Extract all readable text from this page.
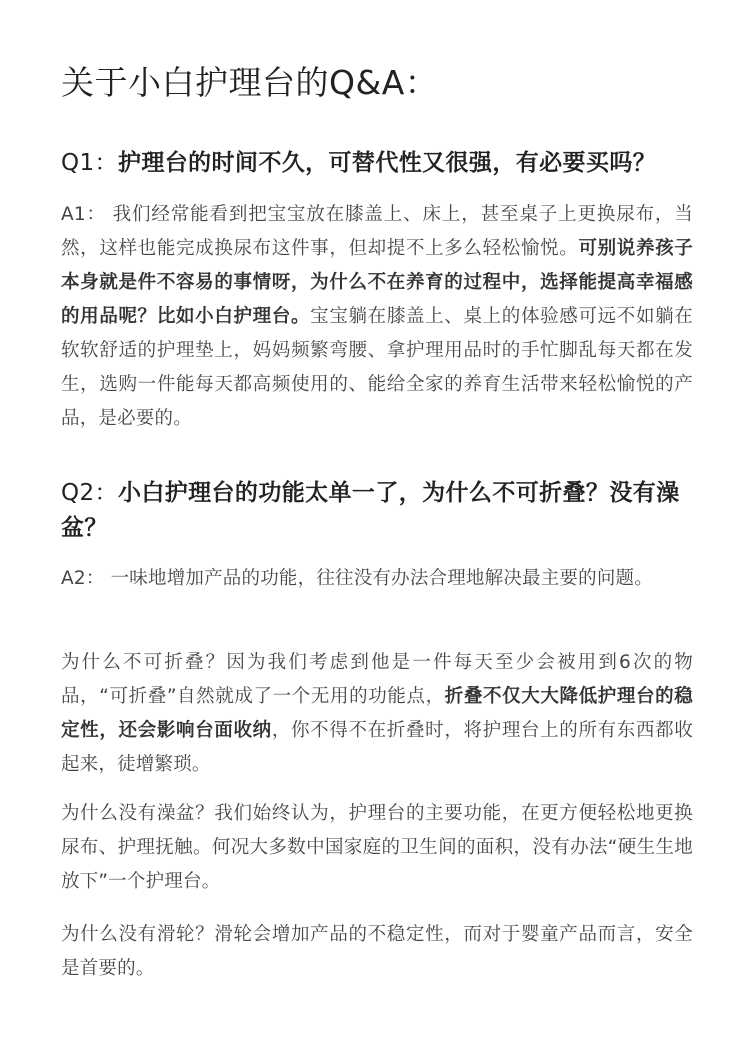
关于小白护理台的Q&A：
Q1：护理台的时间不久，可替代性又很强，有必要买吗？

A1： 我们经常能看到把宝宝放在膝盖上、床上，甚至桌子上更换尿布，当然，这样也能完成换尿布这件事，但却提不上多么轻松愉悦。可别说养孩子本身就是件不容易的事情呀，为什么不在养育的过程中，选择能提高幸福感的用品呢？比如小白护理台。宝宝躺在膝盖上、桌上的体验感可远不如躺在软软舒适的护理垫上，妈妈频繁弯腰、拿护理用品时的手忙脚乱每天都在发生，选购一件能每天都高频使用的、能给全家的养育生活带来轻松愉悦的产品，是必要的。

Q2：小白护理台的功能太单一了，为什么不可折叠？没有澡盆？

A2： 一味地增加产品的功能，往往没有办法合理地解决最主要的问题。

为什么不可折叠？因为我们考虑到他是一件每天至少会被用到6次的物品，“可折叠”自然就成了一个无用的功能点，折叠不仅大大降低护理台的稳定性，还会影响台面收纳，你不得不在折叠时，将护理台上的所有东西都收起来，徒增繁琐。

为什么没有澡盆？我们始终认为，护理台的主要功能，在更方便轻松地更换尿布、护理抚触。何况大多数中国家庭的卫生间的面积，没有办法“硬生生地放下”一个护理台。

为什么没有滑轮？滑轮会增加产品的不稳定性，而对于婴童产品而言，安全是首要的。
